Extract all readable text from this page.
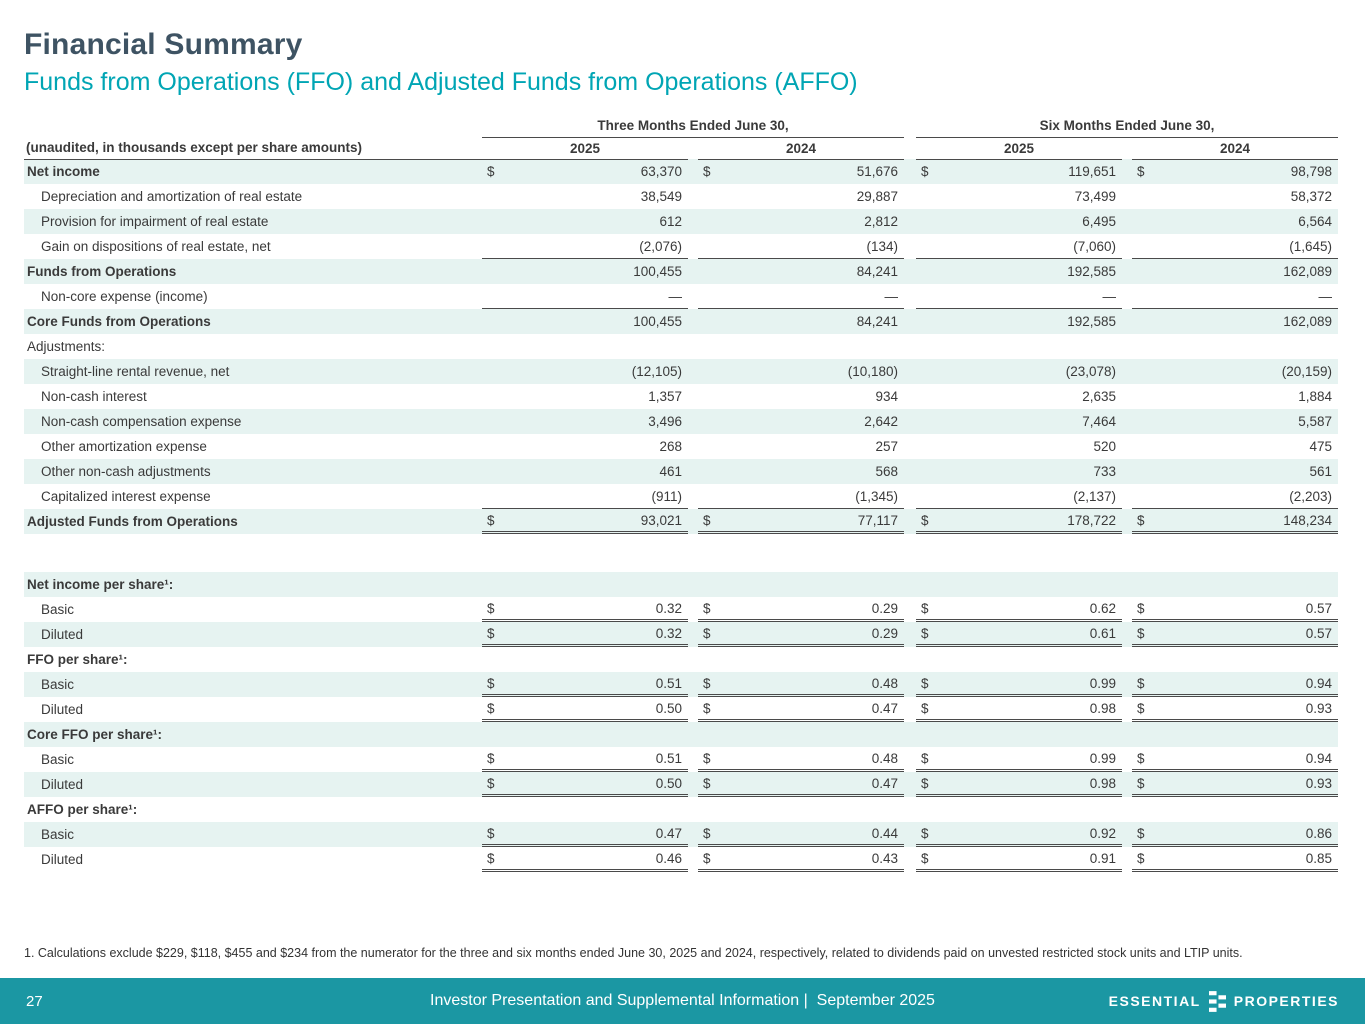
Financial Summary
Funds from Operations (FFO) and Adjusted Funds from Operations (AFFO)
	Three Months Ended June 30,				Six Months Ended June 30,		
(unaudited, in thousands except per share amounts)	2025		2024		2025		2024
Net income	$ 63,370		$ 51,676		$ 119,651		$ 98,798

Depreciation and amortization of real estate	38,549		29,887		73,499		58,372

Provision for impairment of real estate	612		2,812		6,495		6,564

Gain on dispositions of real estate, net	(2,076)		(134)		(7,060)		(1,645)

Funds from Operations	100,455		84,241		192,585		162,089

Non-core expense (income)	—		—		—		—

Core Funds from Operations	100,455		84,241		192,585		162,089

Adjustments:	

Straight-line rental revenue, net	(12,105)		(10,180)		(23,078)		(20,159)

Non-cash interest	1,357		934		2,635		1,884

Non-cash compensation expense	3,496		2,642		7,464		5,587

Other amortization expense	268		257		520		475

Other non-cash adjustments	461		568		733		561

Capitalized interest expense	(911)		(1,345)		(2,137)		(2,203)

Adjusted Funds from Operations	$ 93,021		$ 77,117		$ 178,722		$ 148,234

Net income per share¹:	

Basic	$ 0.32		$ 0.29		$ 0.62		$ 0.57

Diluted	$ 0.32		$ 0.29		$ 0.61		$ 0.57

FFO per share¹:	

Basic	$ 0.51		$ 0.48		$ 0.99		$ 0.94

Diluted	$ 0.50		$ 0.47		$ 0.98		$ 0.93

Core FFO per share¹:	

Basic	$ 0.51		$ 0.48		$ 0.99		$ 0.94

Diluted	$ 0.50		$ 0.47		$ 0.98		$ 0.93

AFFO per share¹:	

Basic	$ 0.47		$ 0.44		$ 0.92		$ 0.86

Diluted	$ 0.46		$ 0.43		$ 0.91		$ 0.85

1. Calculations exclude $229, $118, $455 and $234 from the numerator for the three and six months ended June 30, 2025 and 2024, respectively, related to dividends paid on unvested restricted stock units and LTIP units.

27	Investor Presentation and Supplemental Information |  September 2025	ESSENTIAL PROPERTIES
